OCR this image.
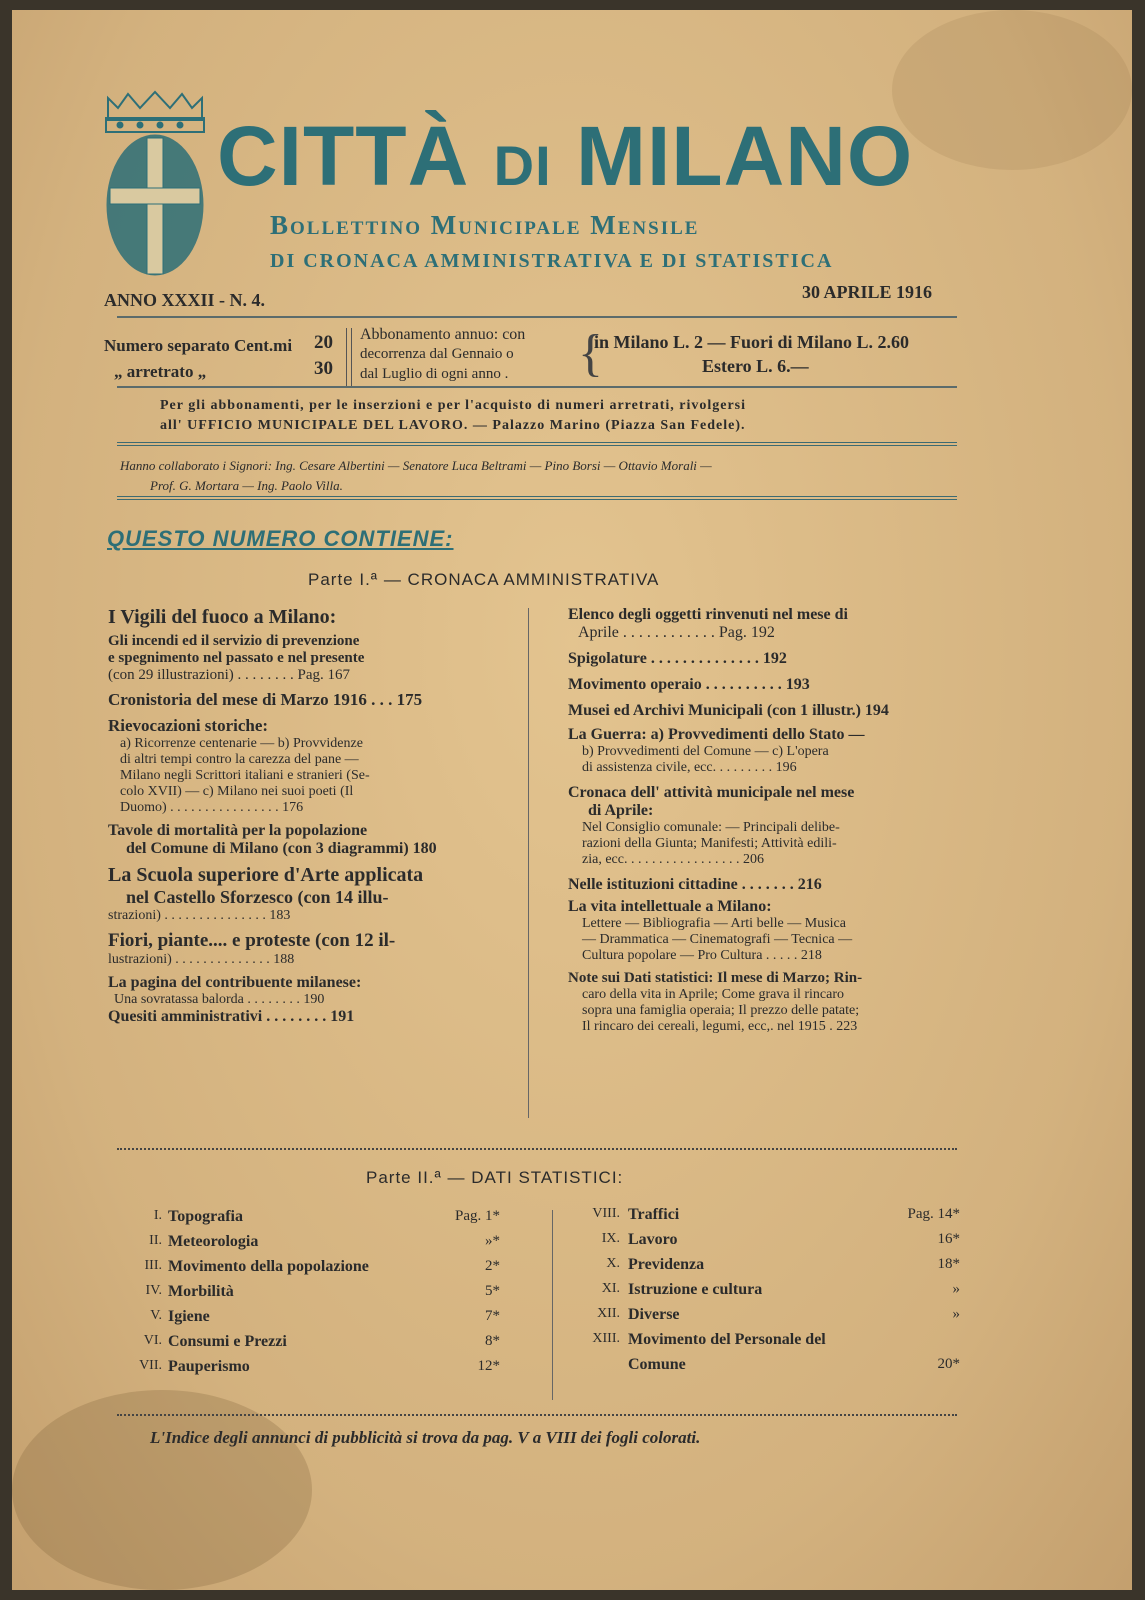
CITTÀ DI MILANO
Bollettino Municipale Mensile
DI CRONACA AMMINISTRATIVA E DI STATISTICA
ANNO XXXII - N. 4.	30 APRILE 1916
Numero separato Cent.mi 20
„ arretrato „	30
Abbonamento annuo: con
decorrenza dal Gennaio o
dal Luglio di ogni anno . {
in Milano L. 2 — Fuori di Milano L. 2.60
Estero L. 6.—
Per gli abbonamenti, per le inserzioni e per l'acquisto di numeri arretrati, rivolgersi
all' UFFICIO MUNICIPALE DEL LAVORO. — Palazzo Marino (Piazza San Fedele).
Hanno collaborato i Signori: Ing. Cesare Albertini — Senatore Luca Beltrami — Pino Borsi — Ottavio Morali —
Prof. G. Mortara — Ing. Paolo Villa.
QUESTO NUMERO CONTIENE:
Parte I.ª — CRONACA AMMINISTRATIVA
I Vigili del fuoco a Milano:
Gli incendi ed il servizio di prevenzione
e spegnimento nel passato e nel presente
(con 29 illustrazioni) . . . . . . . . Pag. 167
Cronistoria del mese di Marzo 1916 . . . 175
Rievocazioni storiche:
a) Ricorrenze centenarie — b) Provvidenze
di altri tempi contro la carezza del pane —
Milano negli Scrittori italiani e stranieri (Se-
colo XVII) — c) Milano nei suoi poeti (Il
Duomo) . . . . . . . . . . . . . . . . 176
Tavole di mortalità per la popolazione
del Comune di Milano (con 3 diagrammi) 180
La Scuola superiore d'Arte applicata
nel Castello Sforzesco (con 14 illu-
strazioni) . . . . . . . . . . . . . . . 183
Fiori, piante.... e proteste (con 12 il-
lustrazioni) . . . . . . . . . . . . . . 188
La pagina del contribuente milanese:
Una sovratassa balorda . . . . . . . . 190
Quesiti amministrativi . . . . . . . . 191
Elenco degli oggetti rinvenuti nel mese di
Aprile . . . . . . . . . . . . Pag. 192
Spigolature . . . . . . . . . . . . . . 192
Movimento operaio . . . . . . . . . . 193
Musei ed Archivi Municipali (con 1 illustr.) 194
La Guerra: a) Provvedimenti dello Stato —
b) Provvedimenti del Comune — c) L'opera
di assistenza civile, ecc. . . . . . . . . 196
Cronaca dell' attività municipale nel mese
di Aprile:
Nel Consiglio comunale: — Principali delibe-
razioni della Giunta; Manifesti; Attività edili-
zia, ecc. . . . . . . . . . . . . . . . . 206
Nelle istituzioni cittadine . . . . . . . 216
La vita intellettuale a Milano:
Lettere — Bibliografia — Arti belle — Musica
— Drammatica — Cinematografi — Tecnica —
Cultura popolare — Pro Cultura . . . . . 218
Note sui Dati statistici: Il mese di Marzo; Rin-
caro della vita in Aprile; Come grava il rincaro
sopra una famiglia operaia; Il prezzo delle patate;
Il rincaro dei cereali, legumi, ecc,. nel 1915 . 223
Parte II.ª — DATI STATISTICI:
I. Topografia	Pag. 1*
II. Meteorologia	»*
III. Movimento della popolazione	2*
IV. Morbilità	5*
V. Igiene	7*
VI. Consumi e Prezzi	8*
VII. Pauperismo	12*
VIII. Traffici	Pag. 14*
IX. Lavoro	16*
X. Previdenza	18*
XI. Istruzione e cultura	»
XII. Diverse	»
XIII. Movimento del Personale del
Comune	20*
L'Indice degli annunci di pubblicità si trova da pag. V a VIII dei fogli colorati.
